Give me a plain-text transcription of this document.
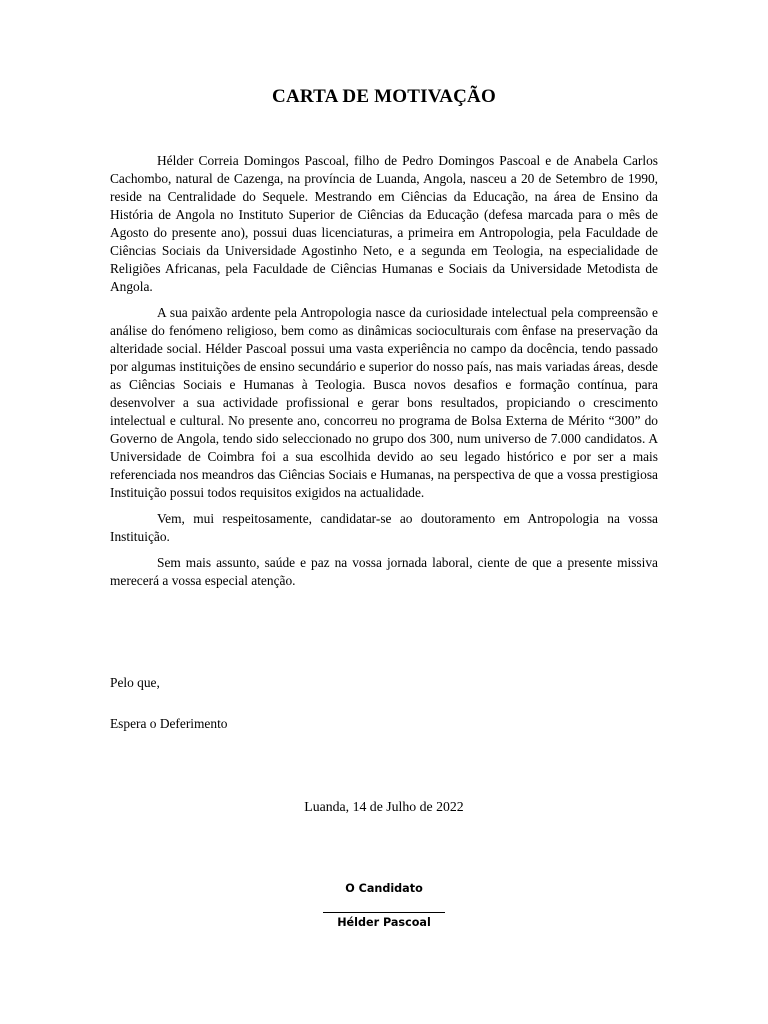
CARTA DE MOTIVAÇÃO

Hélder Correia Domingos Pascoal, filho de Pedro Domingos Pascoal e de Anabela Carlos Cachombo, natural de Cazenga, na província de Luanda, Angola, nasceu a 20 de Setembro de 1990, reside na Centralidade do Sequele. Mestrando em Ciências da Educação, na área de Ensino da História de Angola no Instituto Superior de Ciências da Educação (defesa marcada para o mês de Agosto do presente ano), possui duas licenciaturas, a primeira em Antropologia, pela Faculdade de Ciências Sociais da Universidade Agostinho Neto, e a segunda em Teologia, na especialidade de Religiões Africanas, pela Faculdade de Ciências Humanas e Sociais da Universidade Metodista de Angola.

A sua paixão ardente pela Antropologia nasce da curiosidade intelectual pela compreensão e análise do fenómeno religioso, bem como as dinâmicas socioculturais com ênfase na preservação da alteridade social. Hélder Pascoal possui uma vasta experiência no campo da docência, tendo passado por algumas instituições de ensino secundário e superior do nosso país, nas mais variadas áreas, desde as Ciências Sociais e Humanas à Teologia. Busca novos desafios e formação contínua, para desenvolver a sua actividade profissional e gerar bons resultados, propiciando o crescimento intelectual e cultural. No presente ano, concorreu no programa de Bolsa Externa de Mérito “300” do Governo de Angola, tendo sido seleccionado no grupo dos 300, num universo de 7.000 candidatos. A Universidade de Coimbra foi a sua escolhida devido ao seu legado histórico e por ser a mais referenciada nos meandros das Ciências Sociais e Humanas, na perspectiva de que a vossa prestigiosa Instituição possui todos requisitos exigidos na actualidade.

Vem, mui respeitosamente, candidatar-se ao doutoramento em Antropologia na vossa Instituição.

Sem mais assunto, saúde e paz na vossa jornada laboral, ciente de que a presente missiva merecerá a vossa especial atenção.

Pelo que,
Espera o Deferimento
Luanda, 14 de Julho de 2022
O Candidato
Hélder Pascoal
